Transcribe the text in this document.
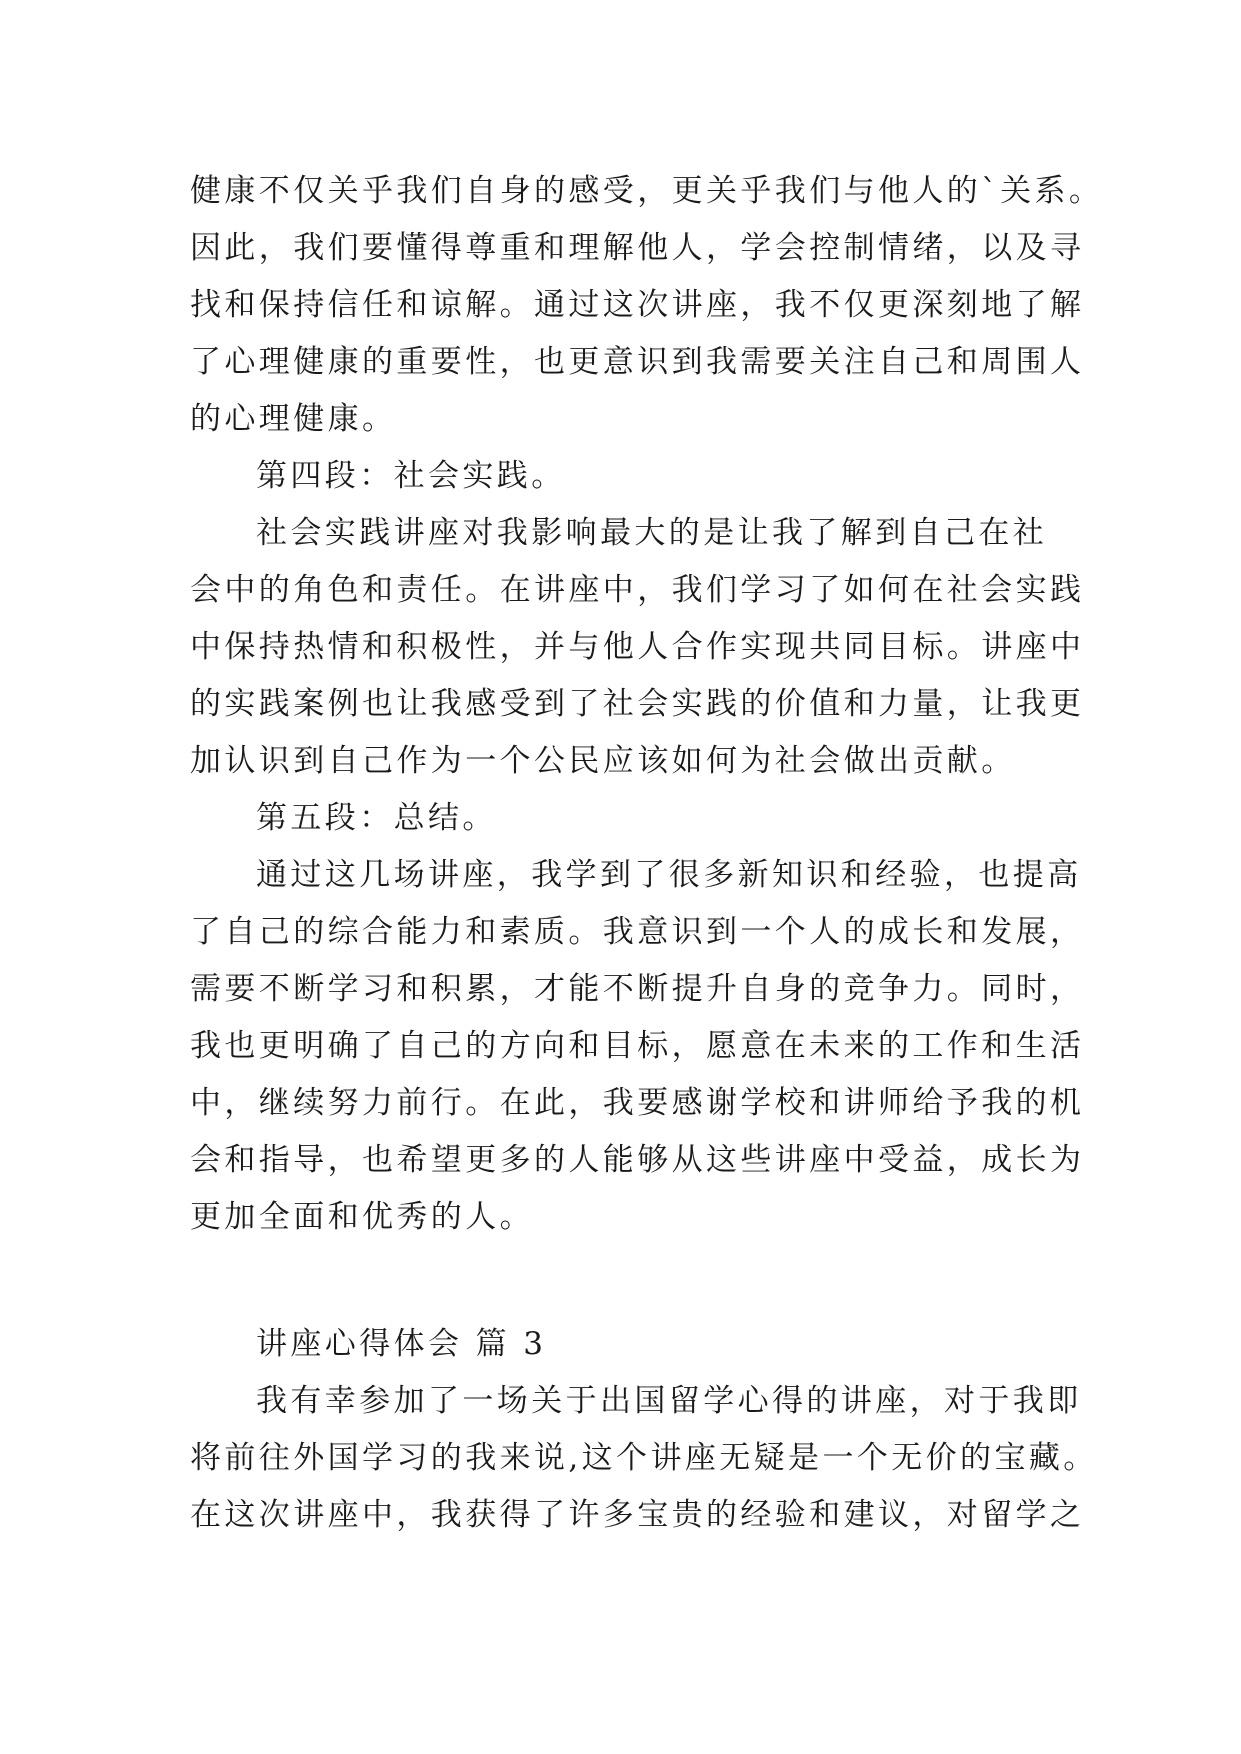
健康不仅关乎我们自身的感受，更关乎我们与他人的`关系。
因此，我们要懂得尊重和理解他人，学会控制情绪，以及寻
找和保持信任和谅解。通过这次讲座，我不仅更深刻地了解
了心理健康的重要性，也更意识到我需要关注自己和周围人
的心理健康。
第四段：社会实践。
社会实践讲座对我影响最大的是让我了解到自己在社
会中的角色和责任。在讲座中，我们学习了如何在社会实践
中保持热情和积极性，并与他人合作实现共同目标。讲座中
的实践案例也让我感受到了社会实践的价值和力量，让我更
加认识到自己作为一个公民应该如何为社会做出贡献。
第五段：总结。
通过这几场讲座，我学到了很多新知识和经验，也提高
了自己的综合能力和素质。我意识到一个人的成长和发展，
需要不断学习和积累，才能不断提升自身的竞争力。同时，
我也更明确了自己的方向和目标，愿意在未来的工作和生活
中，继续努力前行。在此，我要感谢学校和讲师给予我的机
会和指导，也希望更多的人能够从这些讲座中受益，成长为
更加全面和优秀的人。
讲座心得体会 篇 3
我有幸参加了一场关于出国留学心得的讲座，对于我即
将前往外国学习的我来说,这个讲座无疑是一个无价的宝藏。
在这次讲座中，我获得了许多宝贵的经验和建议，对留学之
